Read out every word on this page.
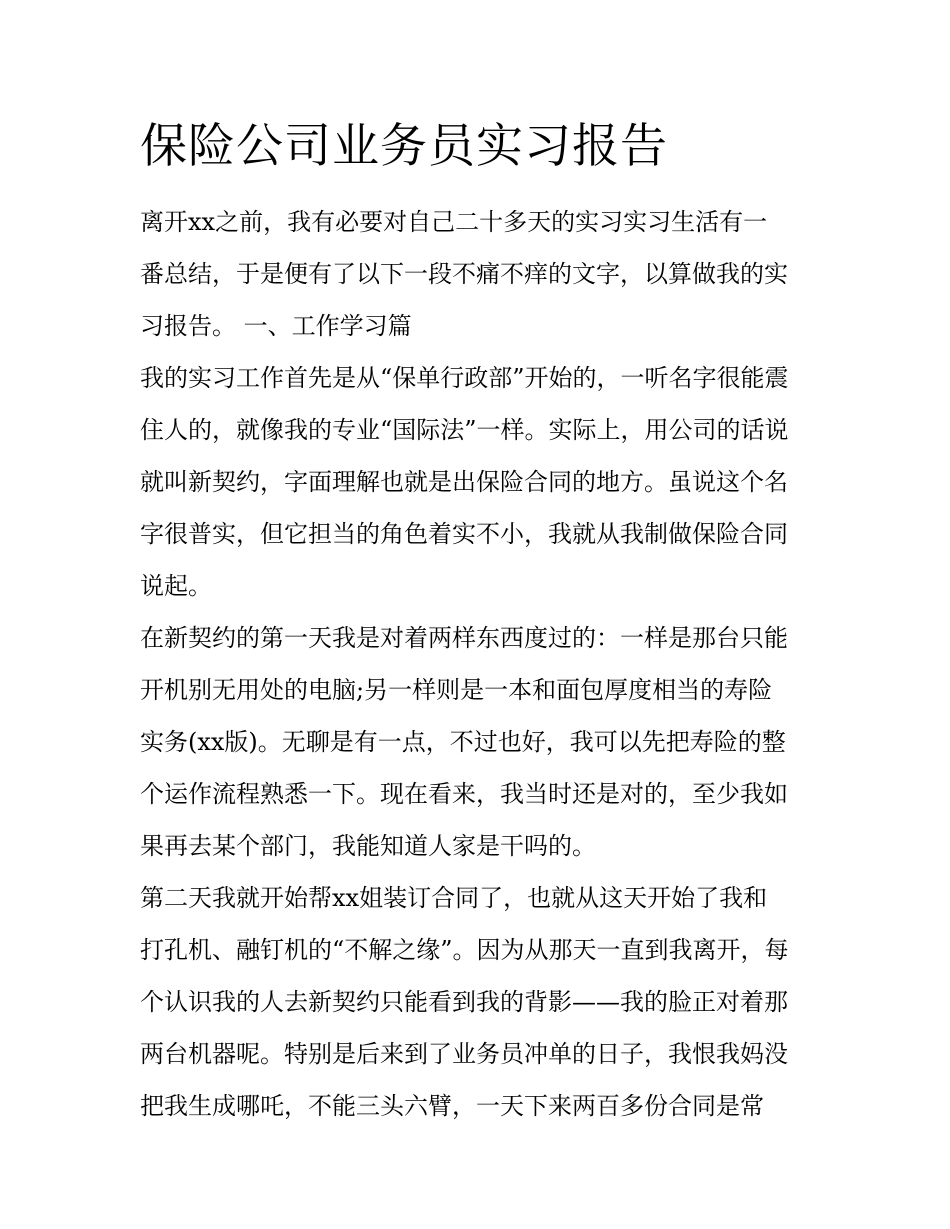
保险公司业务员实习报告

离开xx之前，我有必要对自己二十多天的实习实习生活有一
番总结，于是便有了以下一段不痛不痒的文字，以算做我的实
习报告。 一、工作学习篇

我的实习工作首先是从“保单行政部”开始的，一听名字很能震
住人的，就像我的专业“国际法”一样。实际上，用公司的话说
就叫新契约，字面理解也就是出保险合同的地方。虽说这个名
字很普实，但它担当的角色着实不小，我就从我制做保险合同
说起。

在新契约的第一天我是对着两样东西度过的：一样是那台只能
开机别无用处的电脑;另一样则是一本和面包厚度相当的寿险
实务(xx版)。无聊是有一点，不过也好，我可以先把寿险的整
个运作流程熟悉一下。现在看来，我当时还是对的，至少我如
果再去某个部门，我能知道人家是干吗的。

第二天我就开始帮xx姐装订合同了，也就从这天开始了我和
打孔机、融钉机的“不解之缘”。因为从那天一直到我离开，每
个认识我的人去新契约只能看到我的背影——我的脸正对着那
两台机器呢。特别是后来到了业务员冲单的日子，我恨我妈没
把我生成哪吒，不能三头六臂，一天下来两百多份合同是常
